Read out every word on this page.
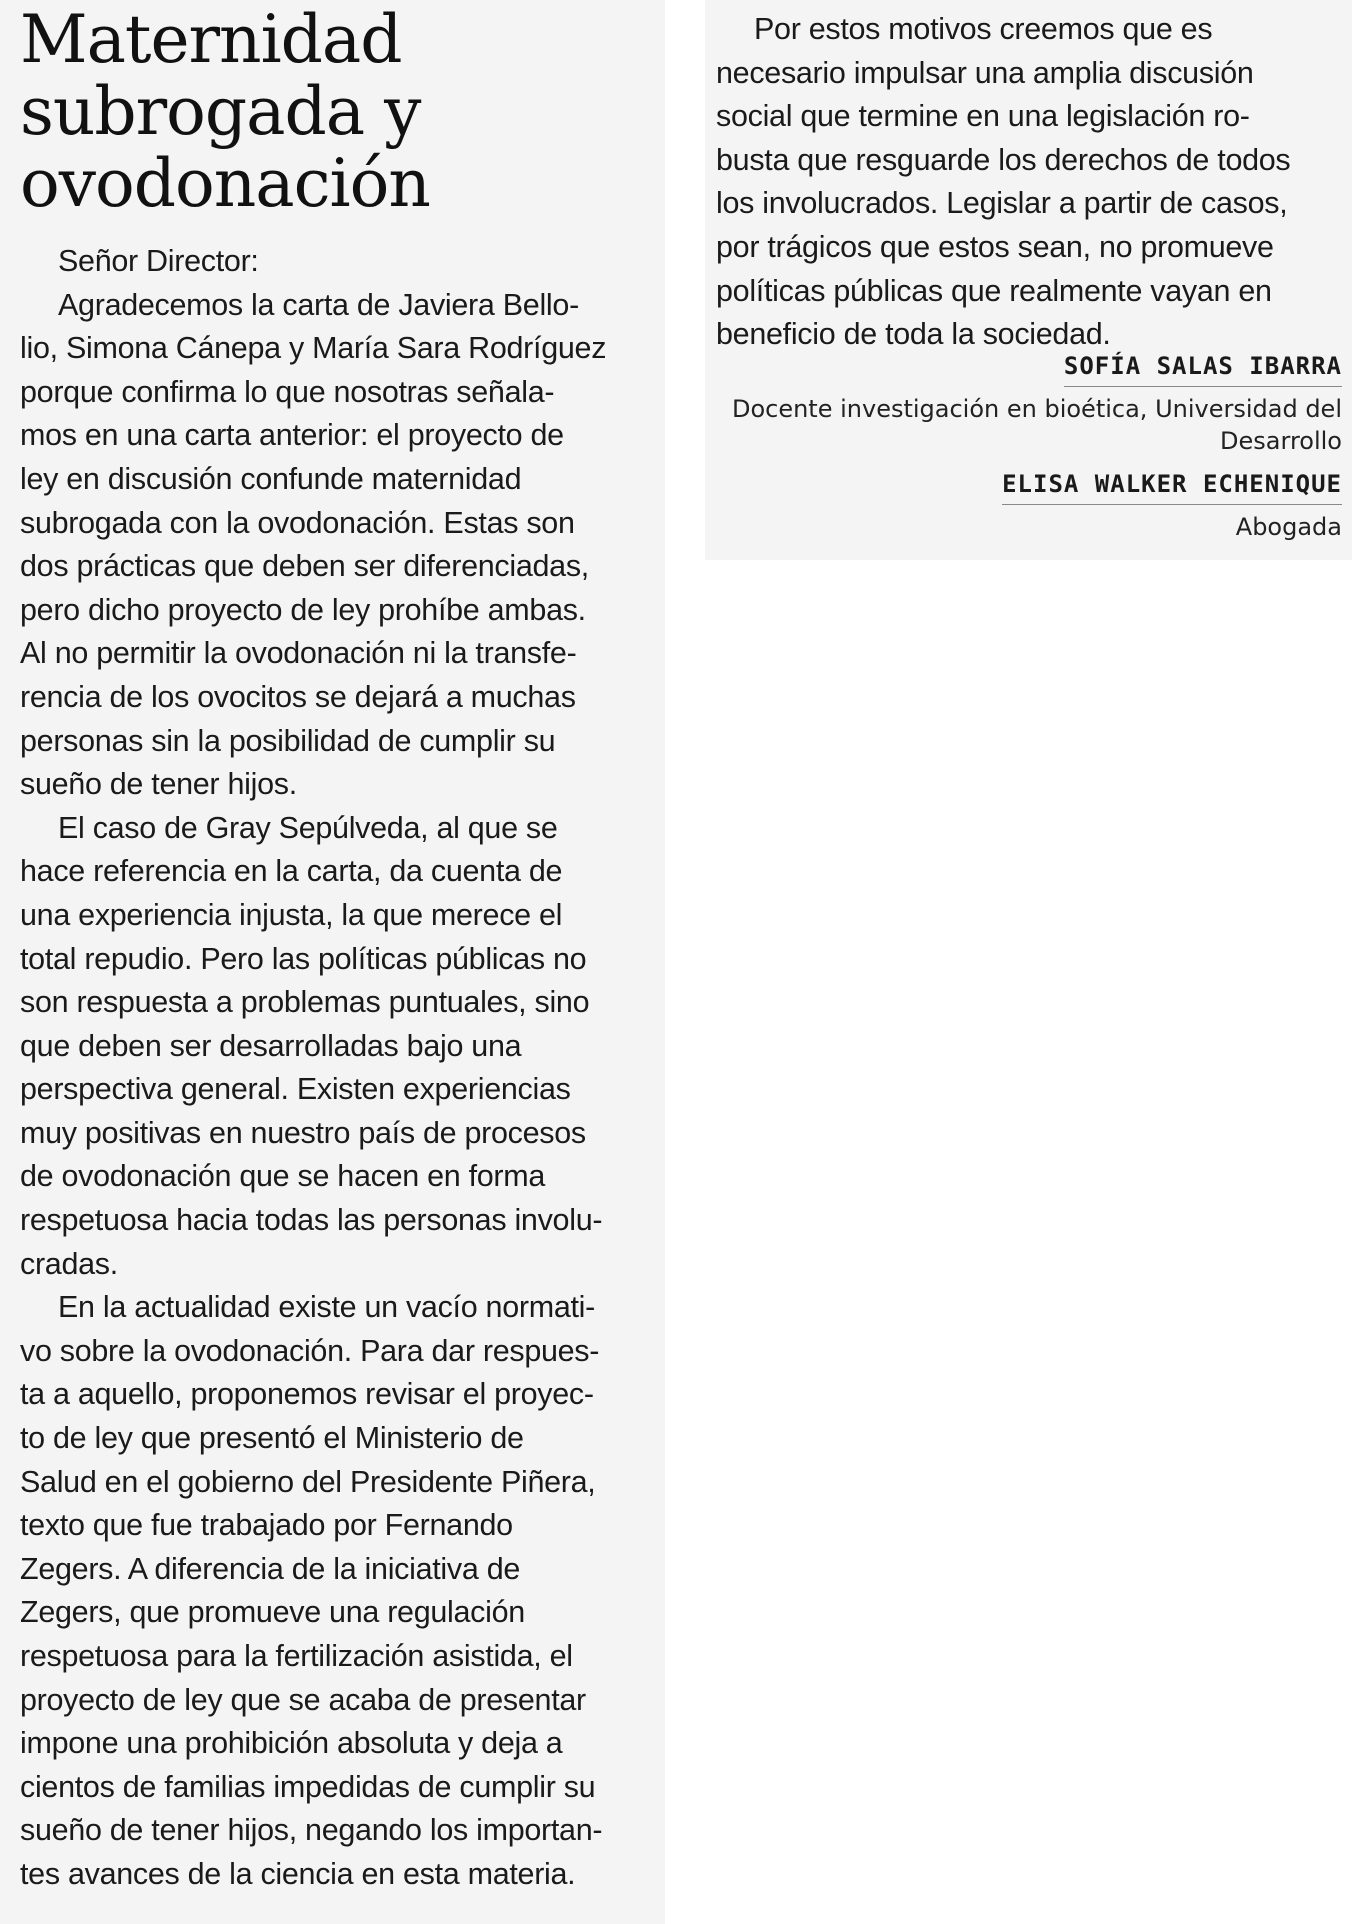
Maternidad
subrogada y
ovodonación
Señor Director:
Agradecemos la carta de Javiera Bello-
lio, Simona Cánepa y María Sara Rodríguez
porque confirma lo que nosotras señala-
mos en una carta anterior: el proyecto de
ley en discusión confunde maternidad
subrogada con la ovodonación. Estas son
dos prácticas que deben ser diferenciadas,
pero dicho proyecto de ley prohíbe ambas.
Al no permitir la ovodonación ni la transfe-
rencia de los ovocitos se dejará a muchas
personas sin la posibilidad de cumplir su
sueño de tener hijos.
El caso de Gray Sepúlveda, al que se
hace referencia en la carta, da cuenta de
una experiencia injusta, la que merece el
total repudio. Pero las políticas públicas no
son respuesta a problemas puntuales, sino
que deben ser desarrolladas bajo una
perspectiva general. Existen experiencias
muy positivas en nuestro país de procesos
de ovodonación que se hacen en forma
respetuosa hacia todas las personas involu-
cradas.
En la actualidad existe un vacío normati-
vo sobre la ovodonación. Para dar respues-
ta a aquello, proponemos revisar el proyec-
to de ley que presentó el Ministerio de
Salud en el gobierno del Presidente Piñera,
texto que fue trabajado por Fernando
Zegers. A diferencia de la iniciativa de
Zegers, que promueve una regulación
respetuosa para la fertilización asistida, el
proyecto de ley que se acaba de presentar
impone una prohibición absoluta y deja a
cientos de familias impedidas de cumplir su
sueño de tener hijos, negando los importan-
tes avances de la ciencia en esta materia.
Por estos motivos creemos que es
necesario impulsar una amplia discusión
social que termine en una legislación ro-
busta que resguarde los derechos de todos
los involucrados. Legislar a partir de casos,
por trágicos que estos sean, no promueve
políticas públicas que realmente vayan en
beneficio de toda la sociedad.
SOFÍA SALAS IBARRA
Docente investigación en bioética, Universidad del
Desarrollo
ELISA WALKER ECHENIQUE
Abogada
